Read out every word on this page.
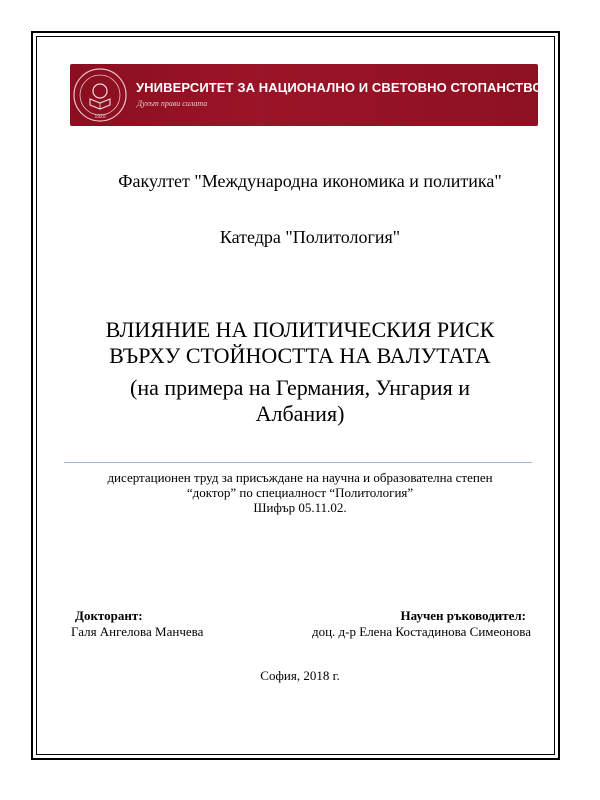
1920
УНИВЕРСИТЕТ ЗА НАЦИОНАЛНО И СВЕТОВНО СТОПАНСТВО
Духът прави силата
Факултет "Международна икономика и политика"
Катедра "Политология"
ВЛИЯНИЕ НА ПОЛИТИЧЕСКИЯ РИСК
ВЪРХУ СТОЙНОСТТА НА ВАЛУТАТА
(на примера на Германия, Унгария и
Албания)
дисертационен труд за присъждане на научна и образователна степен
“доктор” по специалност “Политология”
Шифър 05.11.02.
Докторант:
Галя Ангелова Манчева
Научен ръководител:
доц. д-р Елена Костадинова Симеонова
София, 2018 г.
